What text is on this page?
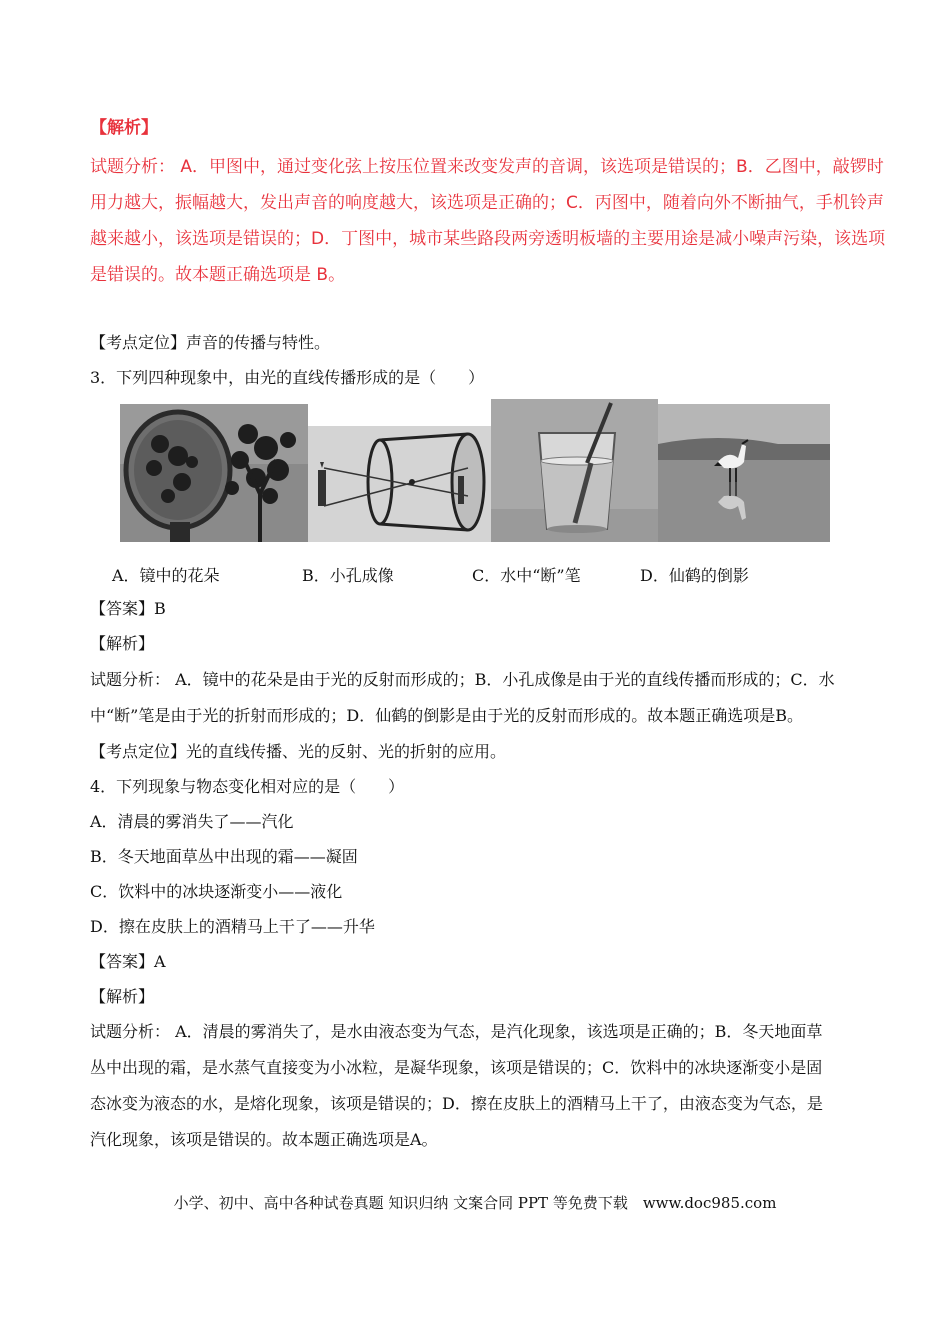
【解析】
试题分析： A．甲图中，通过变化弦上按压位置来改变发声的音调，该选项是错误的；B．乙图中，敲锣时
用力越大，振幅越大，发出声音的响度越大，该选项是正确的；C．丙图中，随着向外不断抽气，手机铃声
越来越小，该选项是错误的；D．丁图中，城市某些路段两旁透明板墙的主要用途是减小噪声污染，该选项
是错误的。故本题正确选项是 B。
【考点定位】声音的传播与特性。
3．下列四种现象中，由光的直线传播形成的是（　　）
A．镜中的花朵	B．小孔成像	C．水中“断”笔	D．仙鹤的倒影
【答案】B
【解析】
试题分析： A．镜中的花朵是由于光的反射而形成的；B．小孔成像是由于光的直线传播而形成的；C．水
中“断”笔是由于光的折射而形成的；D．仙鹤的倒影是由于光的反射而形成的。故本题正确选项是B。
【考点定位】光的直线传播、光的反射、光的折射的应用。
4．下列现象与物态变化相对应的是（　　）
A．清晨的雾消失了——汽化
B．冬天地面草丛中出现的霜——凝固
C．饮料中的冰块逐渐变小——液化
D．擦在皮肤上的酒精马上干了——升华
【答案】A
【解析】
试题分析： A．清晨的雾消失了，是水由液态变为气态，是汽化现象，该选项是正确的；B．冬天地面草
丛中出现的霜，是水蒸气直接变为小冰粒，是凝华现象，该项是错误的；C．饮料中的冰块逐渐变小是固
态冰变为液态的水，是熔化现象，该项是错误的；D．擦在皮肤上的酒精马上干了，由液态变为气态，是
汽化现象，该项是错误的。故本题正确选项是A。
小学、初中、高中各种试卷真题 知识归纳 文案合同 PPT 等免费下载　www.doc985.com
